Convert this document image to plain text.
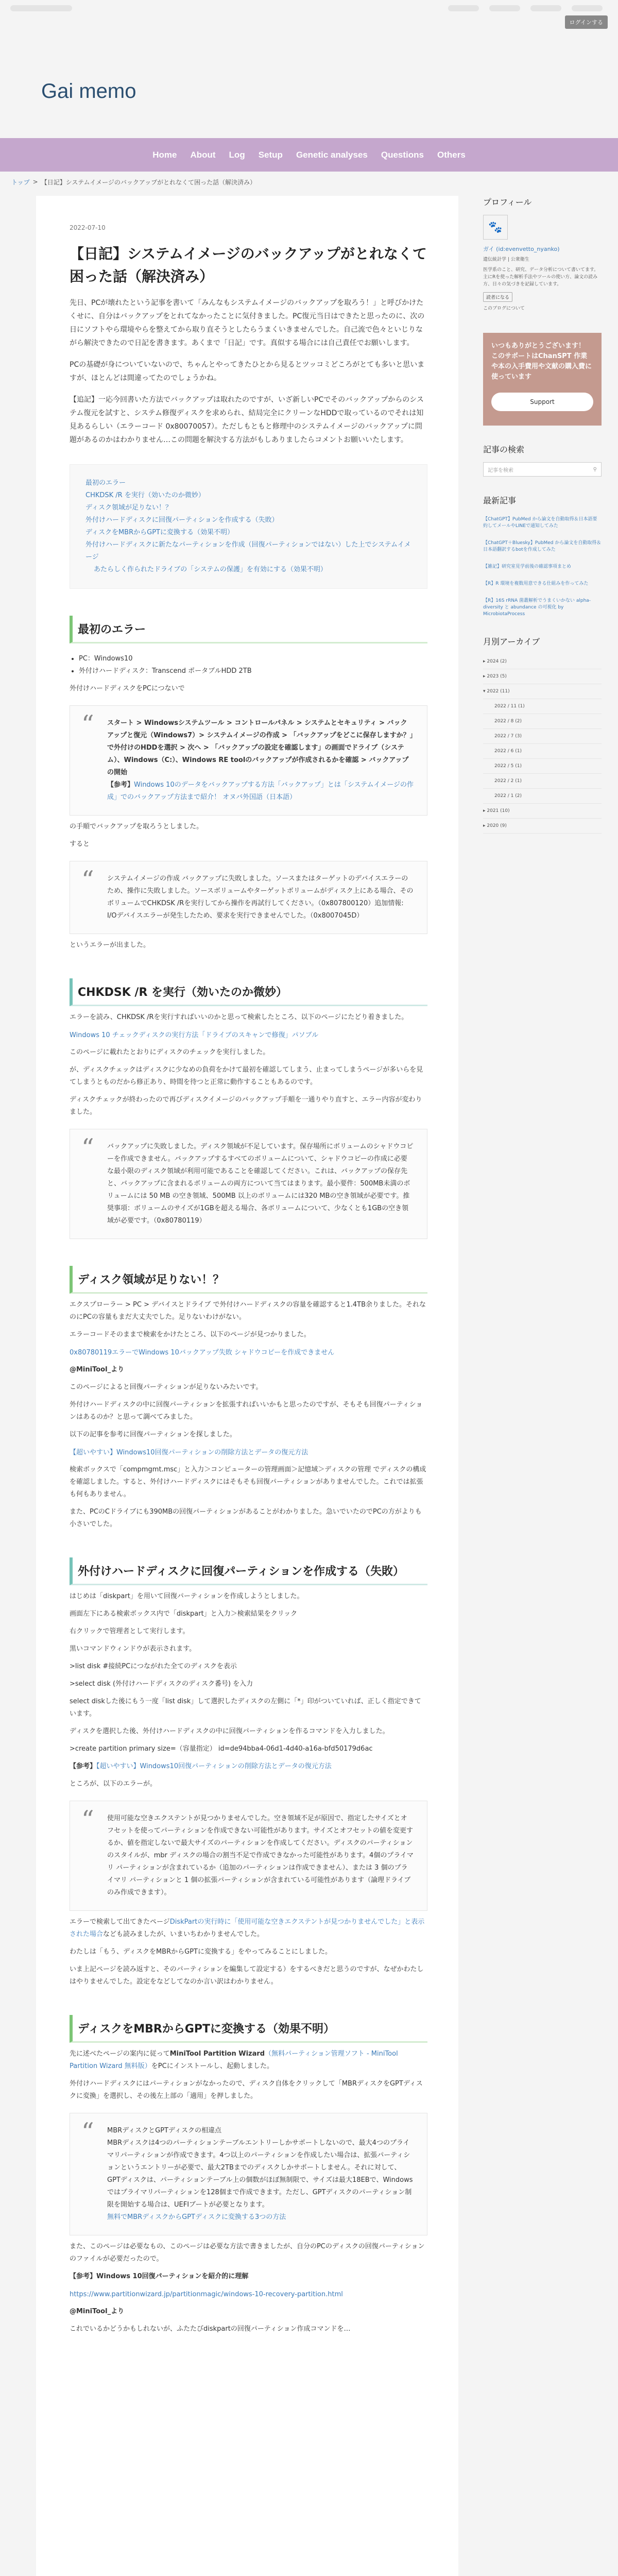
Gai memo
Home About Log Setup Genetic analyses Questions Others
トップ > 【日記】システムイメージのバックアップがとれなくて困った話（解決済み）
ログインする
2022-07-10
【日記】システムイメージのバックアップがとれなくて困った話（解決済み）

先日、PCが壊れたという記事を書いて「みんなもシステムイメージのバックアップを取ろう！」と呼びかけたくせに、自分はバックアップをとれてなかったことに気付きました。PC復元当日はできたと思ったのに、次の日にソフトやら環境やらを整えてから取り直そうとしたらうまくいきませんでした。自己流で色々といじりながら解決できたので日記を書きます。あくまで「日記」です。真似する場合には自己責任でお願いします。

PCの基礎が身についていないので、ちゃんとやってきたひとから見るとツッコミどころがとても多いと思いますが、ほとんどは間違ってたのでしょうかね。

【追記】一応今回書いた方法でバックアップは取れたのですが、いざ新しいPCでそのバックアップからのシステム復元を試すと、システム修復ディスクを求められ、結局完全にクリーンなHDDで取っているのでそれは知見あるらしい（エラーコード 0x80070057）。ただしもともと修理中のシステムイメージのバックアップに問題があるのかはわかりません…この問題を解決する方法がもしありましたらコメントお願いいたします。

最初のエラー
CHKDSK /R を実行（効いたのか微妙）
ディスク領域が足りない！？
外付けハードディスクに回復パーティションを作成する（失敗）
ディスクをMBRからGPTに変換する（効果不明）
外付けハードディスクに新たなパーティションを作成（回復パーティションではない）した上でシステムイメージ
あたらしく作られたドライブの「システムの保護」を有効にする（効果不明）
最初のエラー
• PC：Windows10
• 外付けハードディスク：Transcend ポータブルHDD 2TB

外付けハードディスクをPCにつないで

“ スタート > Windowsシステムツール > コントロールパネル > システムとセキュリティ > バックアップと復元（Windows7）> システムイメージの作成 > 「バックアップをどこに保存しますか？」で外付けのHDDを選択 > 次へ > 「バックアップの設定を確認します」の画面でドライブ（システム）、Windows（C:）、Windows RE toolのバックアップが作成されるかを確認 > バックアップの開始
【参考】Windows 10のデータをバックアップする方法「バックアップ」とは「システムイメージの作成」でのバックアップ方法まで紹介！ オヌバ外国語（日本語）

の手順でバックアップを取ろうとしました。

すると

“ システムイメージの作成 バックアップに失敗しました。ソースまたはターゲットのデバイスエラーのため、操作に失敗しました。ソースボリュームやターゲットボリュームがディスク上にある場合、そのボリュームでCHKDSK /Rを実行してから操作を再試行してください。（0x807800120）追加情報: I/Oデバイスエラーが発生したため、要求を実行できませんでした。（0x8007045D）

というエラーが出ました。

CHKDSK /R を実行（効いたのか微妙）

エラーを読み、CHKDSK /Rを実行すればいいのかと思って検索したところ、以下のページにたどり着きました。

Windows 10 チェックディスクの実行方法「ドライブのスキャンで修復」パソブル

このページに載れたとおりにディスクのチェックを実行しました。

が、ディスクチェックはディスクに少なめの負荷をかけて最初を確認してしまう、止まってしまうページが多いらを見てしまうとものだから修正あり、時間を待つと正常に動作することもあるのです。

ディスクチェックが終わったので再びディスクイメージのバックアップ手順を一通りやり直すと、エラー内容が変わりました。

“ バックアップに失敗しました。ディスク領域が不足しています。保存場所にボリュームのシャドウコピーを作成できません。バックアップするすべてのボリュームについて、シャドウコピーの作成に必要な最小限のディスク領域が利用可能であることを確認してください。これは、バックアップの保存先と、バックアップに含まれるボリュームの両方について当てはまります。最小要件：500MB未満のボリュームには 50 MB の空き領域、500MB 以上のボリュームには320 MBの空き領域が必要です。推奨事項：ボリュームのサイズが1GBを超える場合、各ボリュームについて、少なくとも1GBの空き領域が必要です。（0x80780119）
ディスク領域が足りない！？

エクスプローラー > PC > デバイスとドライブ で外付けハードディスクの容量を確認すると1.4TB余りました。それなのにPCの容量もまだ大丈夫でした。足りないわけがない。

エラーコードそのままで検索をかけたところ、以下のページが見つかりました。

0x80780119エラーでWindows 10バックアップ失敗 シャドウコピーを作成できません

@MiniTool_より

このページによると回復パーティションが足りないみたいです。

外付けハードディスクの中に回復パーティションを拡張すればいいかもと思ったのですが、そもそも回復パーティションはあるのか？と思って調べてみました。

以下の記事を参考に回復パーティションを探しました。

【超いやすい】Windows10回復パーティションの削除方法とデータの復元方法

検索ボックスで「compmgmt.msc」と入力＞コンピューターの管理画面＞記憶域＞ディスクの管理 でディスクの構成を確認しました。すると、外付けハードディスクにはそもそも回復パーティションがありませんでした。これでは拡張も何もありません。

また、PCのCドライブにも390MBの回復パーティションがあることがわかりました。急いでいたのでPCの方がよりも小さいでした。

外付けハードディスクに回復パーティションを作成する（失敗）

はじめは「diskpart」を用いて回復パーティションを作成しようとしました。

画面左下にある検索ボックス内で「diskpart」と入力＞検索結果をクリック

右クリックで管理者として実行します。

黒いコマンドウィンドウが表示されます。

>list disk #接続PCにつながれた全てのディスクを表示

>select disk (外付けハードディスクのディスク番号) を入力

select diskした後にもう一度「list disk」して選択したディスクの左側に「*」印がついていれば、正しく指定できています。

ディスクを選択した後、外付けハードディスクの中に回復パーティションを作るコマンドを入力しました。

>create partition primary size=（容量指定） id=de94bba4-06d1-4d40-a16a-bfd50179d6ac

【参考】【超いやすい】Windows10回復パーティションの削除方法とデータの復元方法

ところが、以下のエラーが。

“ 使用可能な空きエクステントが見つかりませんでした。空き領域不足が原因で、指定したサイズとオフセットを使ってパーティションを作成できない可能性があります。サイズとオフセットの値を変更するか、値を指定しないで最大サイズのパーティションを作成してください。ディスクのパーティションのスタイルが、mbr ディスクの場合の割当不足で作成できなかった可能性があります。4個のプライマリ パーティションが含まれているか（追加のパーティションは作成できません）、または 3 個のプライマリ パーティションと 1 個の拡張パーティションが含まれている可能性があります（論理ドライブのみ作成できます）。

エラーで検索して出てきたページDiskPartの実行時に「使用可能な空きエクステントが見つかりませんでした」と表示された場合なども読みましたが、いまいちわかりませんでした。

わたしは「もう、ディスクをMBRからGPTに変換する」をやってみることにしました。

いま上記ページを読み返すと、そのパーティションを編集して設定する）をするべきだと思うのですが、なぜかわたしはやりませんでした。設定をなどしてなのか言い訳はわかりません。

ディスクをMBRからGPTに変換する（効果不明）

先に述べたページの案内に従ってMiniTool Partition Wizard（無料パーティション管理ソフト - MiniTool Partition Wizard 無料版）をPCにインストールし、起動しました。

外付けハードディスクにはパーティションがなかったので、ディスク自体をクリックして「MBRディスクをGPTディスクに変換」を選択し、その後左上部の「適用」を押しました。

“ MBRディスクとGPTディスクの相違点
MBRディスクは4つのパーティションテーブルエントリーしかサポートしないので、最大4つのプライマリパーティションが作成できます。4つ以上のパーティションを作成したい場合は、拡張パーティションというエントリーが必要で、最大2TBまでのディスクしかサポートしません。それに対して、GPTディスクは、パーティションテーブル上の個数がほぼ無制限で、サイズは最大18EBで、Windowsではプライマリパーティションを128個まで作成できます。ただし、GPTディスクのパーティション制限を開始する場合は、UEFIブートが必要となります。
無料でMBRディスクからGPTディスクに変換する3つの方法

また、このページは必要なもの、このページは必要な方法で書きましたが、自分のPCのディスクの回復パーティションのファイルが必要だったので。

【参考】Windows 10回復パーティションを紹介的に理解

https://www.partitionwizard.jp/partitionmagic/windows-10-recovery-partition.html

@MiniTool_より

これでいるかどうかもしれないが、ふたたびdiskpartの回復パーティション作成コマンドを…

プロフィール
🐾
ガイ (id:evenvetto_nyanko)
遺伝統計学 | 公衆衛生
医学系のこと、研究、データ分析について書いてます。主にRを使った解析手法やツールの使い方、論文の読み方、日々の気づきを記録しています。
読者になる
このブログについて
いつもありがとうございます！ このサポートはChanSPT 作業や本の入手費用や文献の購入費に使っています
Support
記事の検索
記事を検索	⚲
最新記事
【ChatGPT】PubMed から論文を自動取得＆日本語要約してメールやLINEで通知してみた
【ChatGPT＋Bluesky】PubMed から論文を自動取得＆日本語翻訳するbotを作成してみた
【雑記】研究室見学前後の確認事項まとめ
【R】R 環境を複数用意できる仕組みを作ってみた
【R】16S rRNA 菌叢解析でうまくいかない alpha-diversity と abundance の可視化 by MicrobiotaProcess
月別アーカイブ
▸ 2024 (2)
▸ 2023 (5)
▾ 2022 (11)
2022 / 11 (1)
2022 / 8 (2)
2022 / 7 (3)
2022 / 6 (1)
2022 / 5 (1)
2022 / 2 (1)
2022 / 1 (2)
▸ 2021 (10)
▸ 2020 (9)
